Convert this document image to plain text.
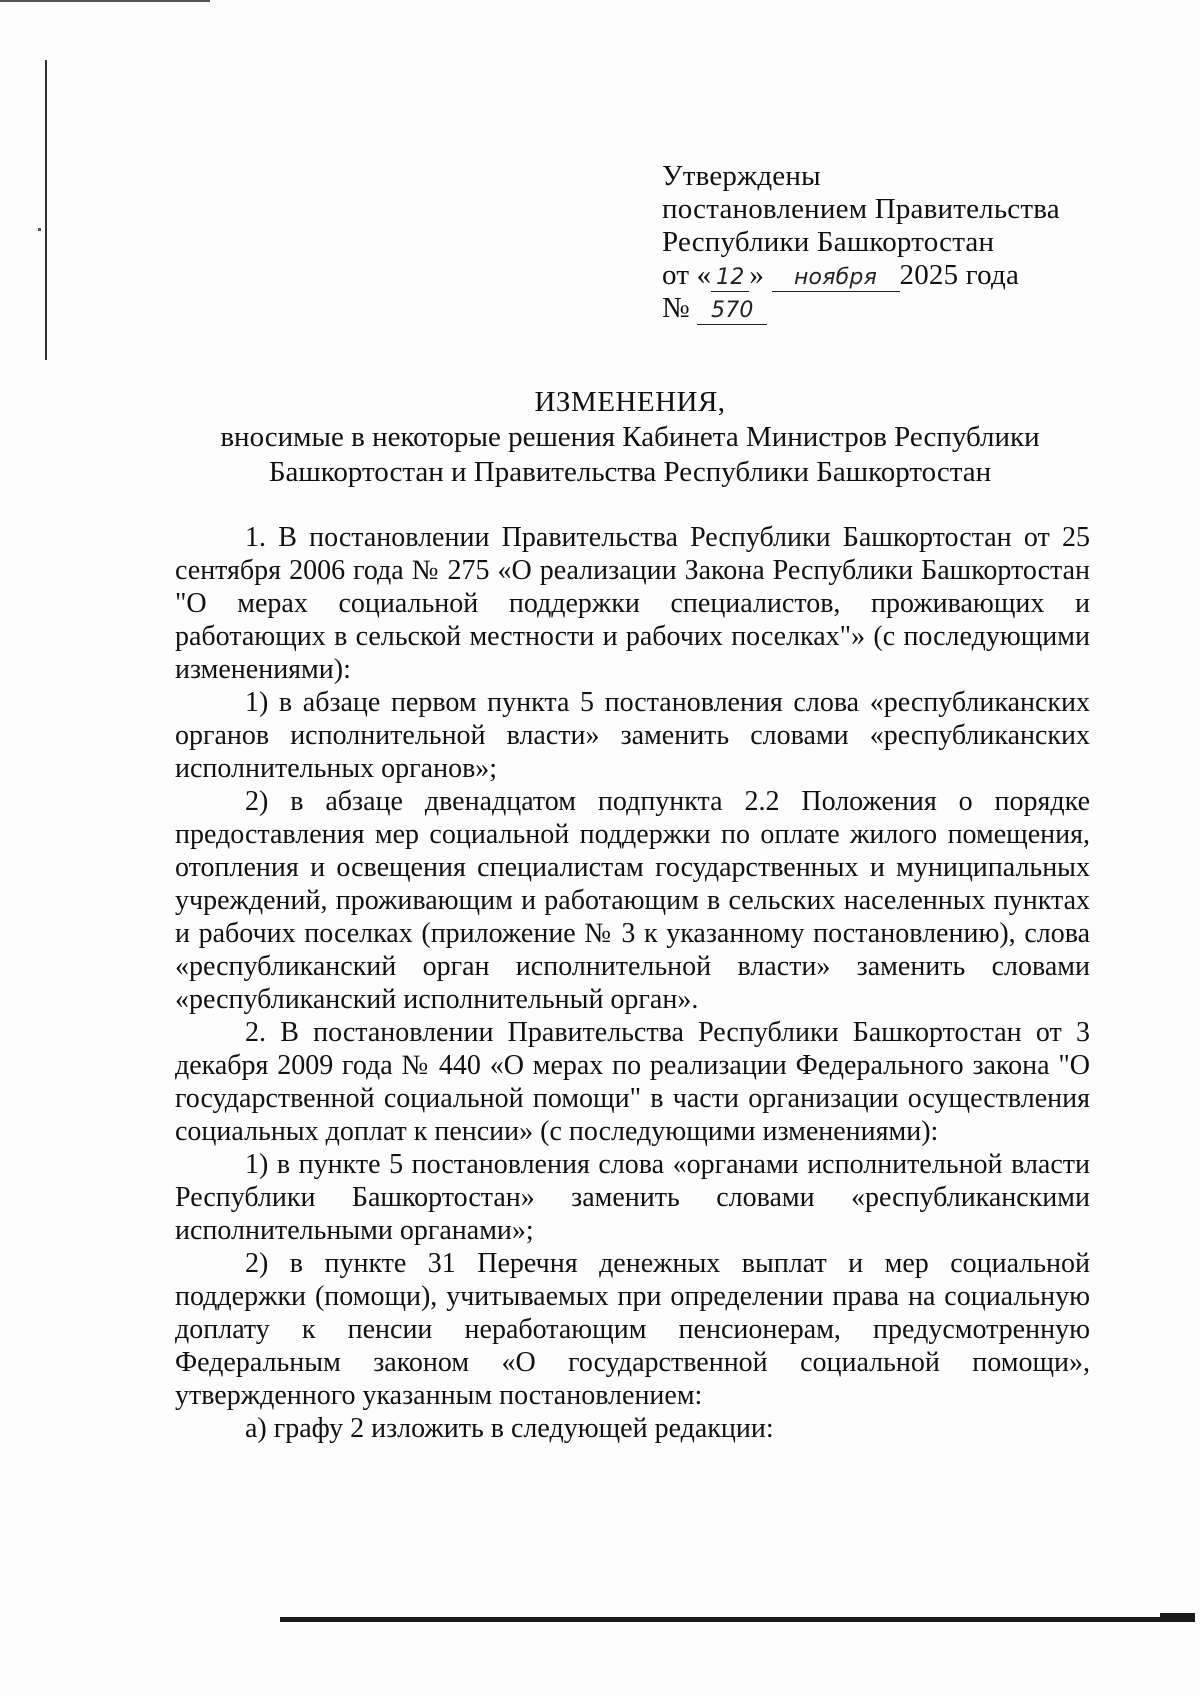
Утверждены
постановлением Правительства
Республики Башкортостан
от « 12 » ноября 2025 года
№ 570
ИЗМЕНЕНИЯ,
вносимые в некоторые решения Кабинета Министров Республики
Башкортостан и Правительства Республики Башкортостан

1. В постановлении Правительства Республики Башкортостан от 25 сентября 2006 года № 275 «О реализации Закона Республики Башкортостан "О мерах социальной поддержки специалистов, проживающих и работающих в сельской местности и рабочих поселках"» (с последующими изменениями):

1) в абзаце первом пункта 5 постановления слова «республиканских органов исполнительной власти» заменить словами «республиканских исполнительных органов»;

2) в абзаце двенадцатом подпункта 2.2 Положения о порядке предоставления мер социальной поддержки по оплате жилого помещения, отопления и освещения специалистам государственных и муниципальных учреждений, проживающим и работающим в сельских населенных пунктах и рабочих поселках (приложение № 3 к указанному постановлению), слова «республиканский орган исполнительной власти» заменить словами «республиканский исполнительный орган».

2. В постановлении Правительства Республики Башкортостан от 3 декабря 2009 года № 440 «О мерах по реализации Федерального закона "О государственной социальной помощи" в части организации осуществления социальных доплат к пенсии» (с последующими изменениями):

1) в пункте 5 постановления слова «органами исполнительной власти Республики Башкортостан» заменить словами «республиканскими исполнительными органами»;

2) в пункте 31 Перечня денежных выплат и мер социальной поддержки (помощи), учитываемых при определении права на социальную доплату к пенсии неработающим пенсионерам, предусмотренную Федеральным законом «О государственной социальной помощи», утвержденного указанным постановлением:

а) графу 2 изложить в следующей редакции:
